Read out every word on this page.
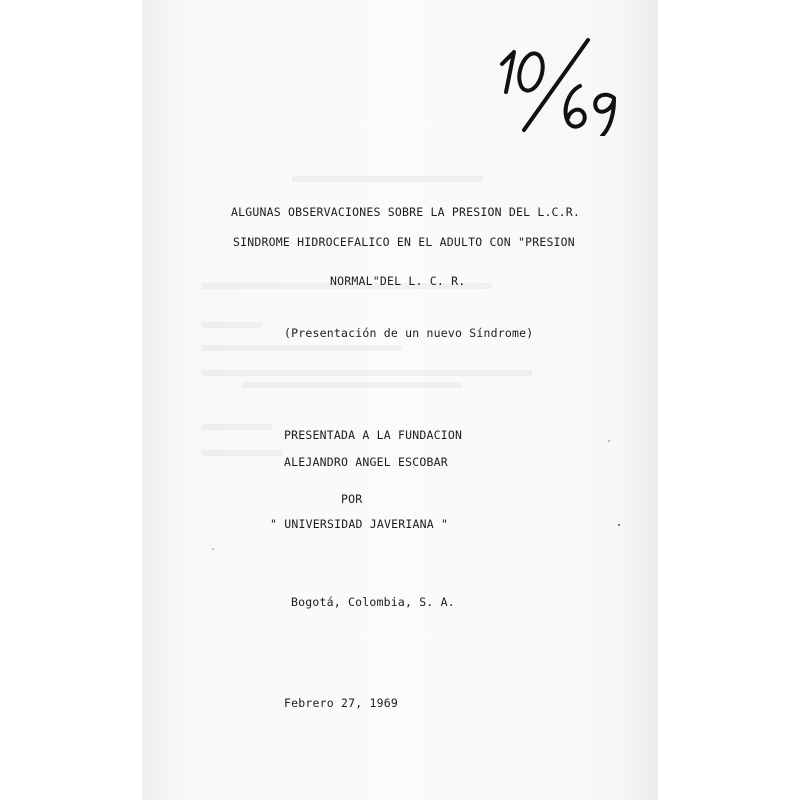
ALGUNAS OBSERVACIONES SOBRE LA PRESION DEL L.C.R.
SINDROME HIDROCEFALICO EN EL ADULTO CON "PRESION
NORMAL"DEL L. C. R.
(Presentación de un nuevo Síndrome)
PRESENTADA A LA FUNDACION
ALEJANDRO ANGEL ESCOBAR
POR
" UNIVERSIDAD JAVERIANA "
Bogotá, Colombia, S. A.
Febrero 27, 1969
